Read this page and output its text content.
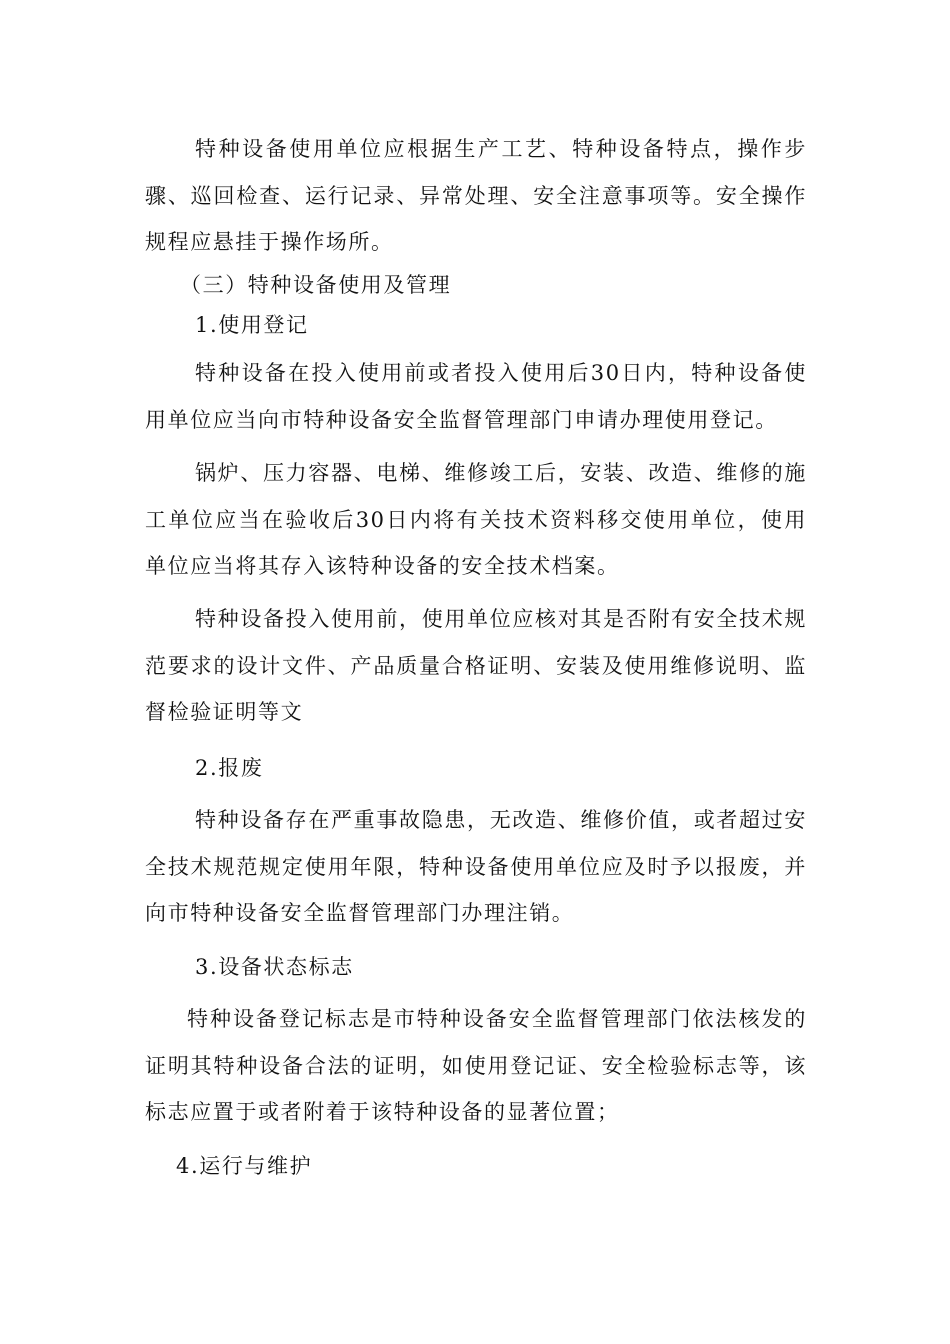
特种设备使用单位应根据生产工艺、特种设备特点，操作步骤、巡回检查、运行记录、异常处理、安全注意事项等。安全操作规程应悬挂于操作场所。

（三）特种设备使用及管理

1.使用登记

特种设备在投入使用前或者投入使用后30日内，特种设备使用单位应当向市特种设备安全监督管理部门申请办理使用登记。

锅炉、压力容器、电梯、维修竣工后，安装、改造、维修的施工单位应当在验收后30日内将有关技术资料移交使用单位，使用单位应当将其存入该特种设备的安全技术档案。

特种设备投入使用前，使用单位应核对其是否附有安全技术规范要求的设计文件、产品质量合格证明、安装及使用维修说明、监督检验证明等文

2.报废

特种设备存在严重事故隐患，无改造、维修价值，或者超过安全技术规范规定使用年限，特种设备使用单位应及时予以报废，并向市特种设备安全监督管理部门办理注销。

3.设备状态标志

特种设备登记标志是市特种设备安全监督管理部门依法核发的证明其特种设备合法的证明，如使用登记证、安全检验标志等，该标志应置于或者附着于该特种设备的显著位置；

4.运行与维护
